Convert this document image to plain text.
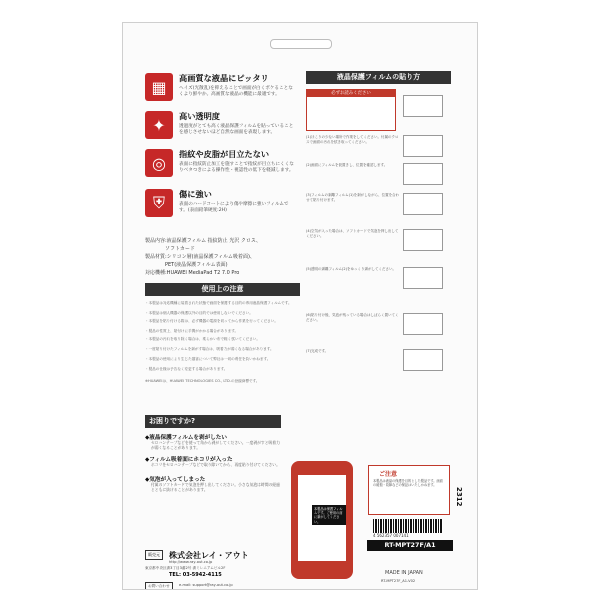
▦	高画質な液晶にピッタリ
ヘイズ(光散乱)を抑えることで画面が白くボケることなくより鮮やか。高画質な液晶の機能に最適です。
✦	高い透明度
透過度がとても高く液晶保護フィルムを貼っていることを感じさせないほど自然な画面を表現します。
◎	指紋や皮脂が目立たない
表面に指紋防止加工を施すことで指紋が目立ちにくくなりべタつきによる操作性・視認性の低下を軽減します。
⛨	傷に強い
表面のハードコートにより傷や摩擦に強いフィルムです。(表面鉛筆硬度:2H)
製品内容:液晶保護フィルム 指紋防止 光沢 クロス、
　　　　ソフトカード
製品材質:シリコン層(液晶保護フィルム吸着面)、
　　　　PET(液晶保護フィルム表面)
対応機種:HUAWEI MediaPad T2 7.0 Pro
使用上の注意
・本製品は対応機種に装着された状態で画面を保護する目的の専用液晶保護フィルムです。
・本製品は個人機器の保護以外の目的では使用しないでください。
・本製品を貼り付ける際は、必ず機器の電源を切ってから作業を行ってください。
・製品の性質上、貼付けに手間がかかる場合があります。
・本製品の汚れを取り除く場合は、柔らかい布で軽く拭いてください。
・一度貼り付けたフィルムを剥がす場合は、吸着力が弱くなる場合があります。
・本製品の使用により生じた損害について弊社は一切の責任を負いかねます。
・製品の仕様は予告なく変更する場合があります。
※HUAWEIは、HUAWEI TECHNOLOGIES CO., LTD.の登録商標です。
液晶保護フィルムの貼り方
必ずお読みください
(1)ほこりの少ない場所で作業をしてください。付属のクロスで画面の汚れを拭き取ってください。
(2)画面にフィルムを仮置きし、位置を確認します。
(3)フィルムの剥離フィルム(1)を剥がしながら、位置を合わせて貼り付けます。
(4)空気が入った場合は、ソフトカードで気泡を押し出してください。
(5)透明の剥離フィルム(2)をゆっくり剥がしてください。
(6)貼り付け後、気泡が残っている場合はしばらく置いてください。
(7)完成です。
お困りですか?
◆液晶保護フィルムを剥がしたい
セロハンテープなどを使って角から剥がしてください。一度剥がすと吸着力が弱くなることがあります。
◆フィルム吸着面にホコリが入った
ホコリをセロハンテープなどで取り除いてから、再度貼り付けてください。
◆気泡が入ってしまった
付属のソフトカードで気泡を押し出してください。小さな気泡は時間の経過とともに抜けることがあります。
本製品は保護フィルムです。ご使用の前に剥がしてください。
ご注意
本製品は液晶の保護を目的とした製品です。画面の破損・故障などの保証はいたしかねます。
2312
4 562357 007141
RT-MPT27F/A1
販売元	株式会社レイ・アウト
http://www.ray-out.co.jp
東京都中央区湊3丁目3番2号 湊ミレニアムビル2F
TEL: 03-5942-4115
お問い合わせ	e-mail: support@ray-out.co.jp
MADE IN JAPAN
RT-MPT27F_A1-V02
